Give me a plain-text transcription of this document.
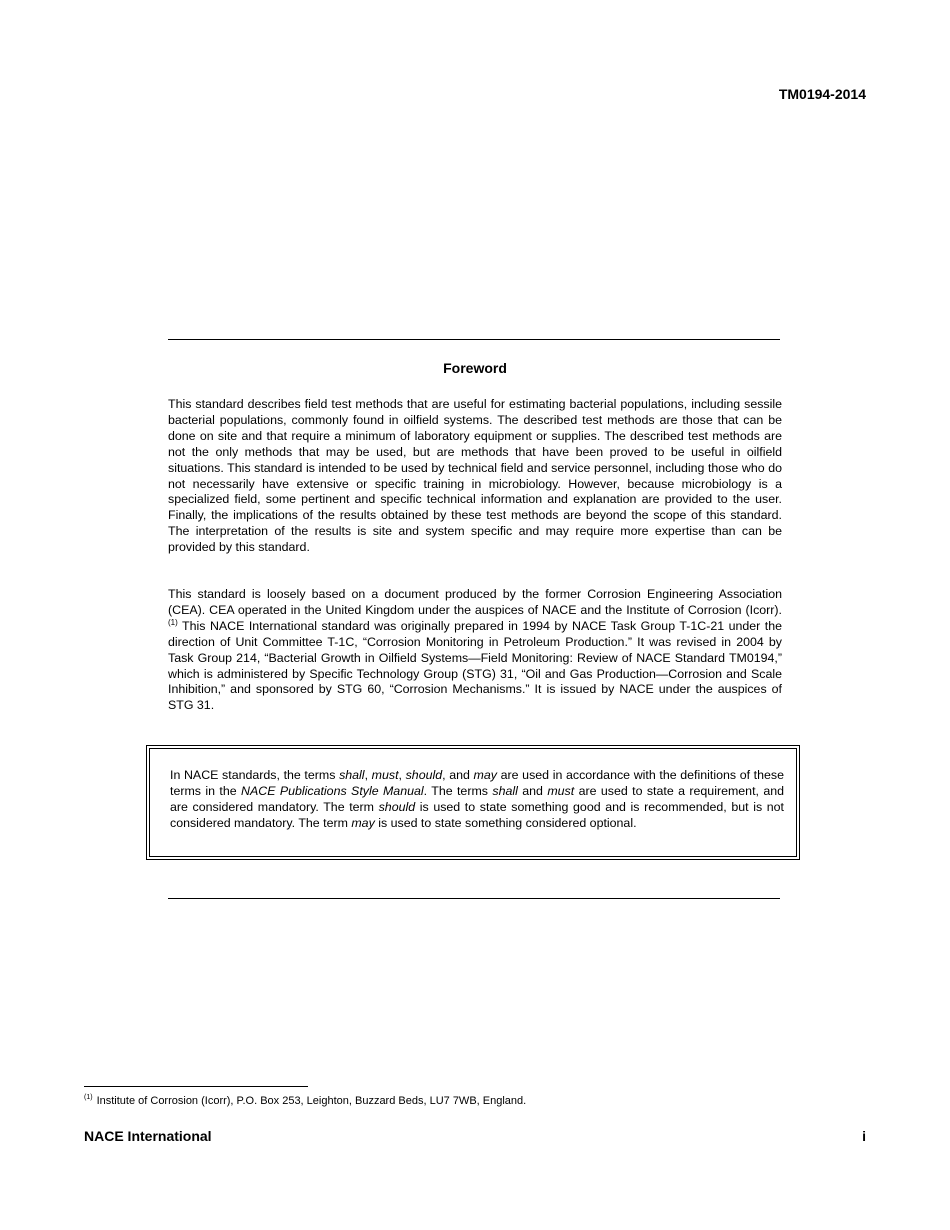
TM0194-2014
Foreword

This standard describes field test methods that are useful for estimating bacterial populations, including sessile bacterial populations, commonly found in oilfield systems. The described test methods are those that can be done on site and that require a minimum of laboratory equipment or supplies. The described test methods are not the only methods that may be used, but are methods that have been proved to be useful in oilfield situations. This standard is intended to be used by technical field and service personnel, including those who do not necessarily have extensive or specific training in microbiology. However, because microbiology is a specialized field, some pertinent and specific technical information and explanation are provided to the user. Finally, the implications of the results obtained by these test methods are beyond the scope of this standard. The interpretation of the results is site and system specific and may require more expertise than can be provided by this standard.

This standard is loosely based on a document produced by the former Corrosion Engineering Association (CEA). CEA operated in the United Kingdom under the auspices of NACE and the Institute of Corrosion (Icorr).$^{(1)}$ This NACE International standard was originally prepared in 1994 by NACE Task Group T-1C-21 under the direction of Unit Committee T-1C, “Corrosion Monitoring in Petroleum Production.” It was revised in 2004 by Task Group 214, “Bacterial Growth in Oilfield Systems—Field Monitoring: Review of NACE Standard TM0194,” which is administered by Specific Technology Group (STG) 31, “Oil and Gas Production—Corrosion and Scale Inhibition,” and sponsored by STG 60, “Corrosion Mechanisms.” It is issued by NACE under the auspices of STG 31.

In NACE standards, the terms shall, must, should, and may are used in accordance with the definitions of these terms in the NACE Publications Style Manual. The terms shall and must are used to state a requirement, and are considered mandatory. The term should is used to state something good and is recommended, but is not considered mandatory. The term may is used to state something considered optional.

$^{(1)}$ Institute of Corrosion (Icorr), P.O. Box 253, Leighton, Buzzard Beds, LU7 7WB, England.
NACE International	i
